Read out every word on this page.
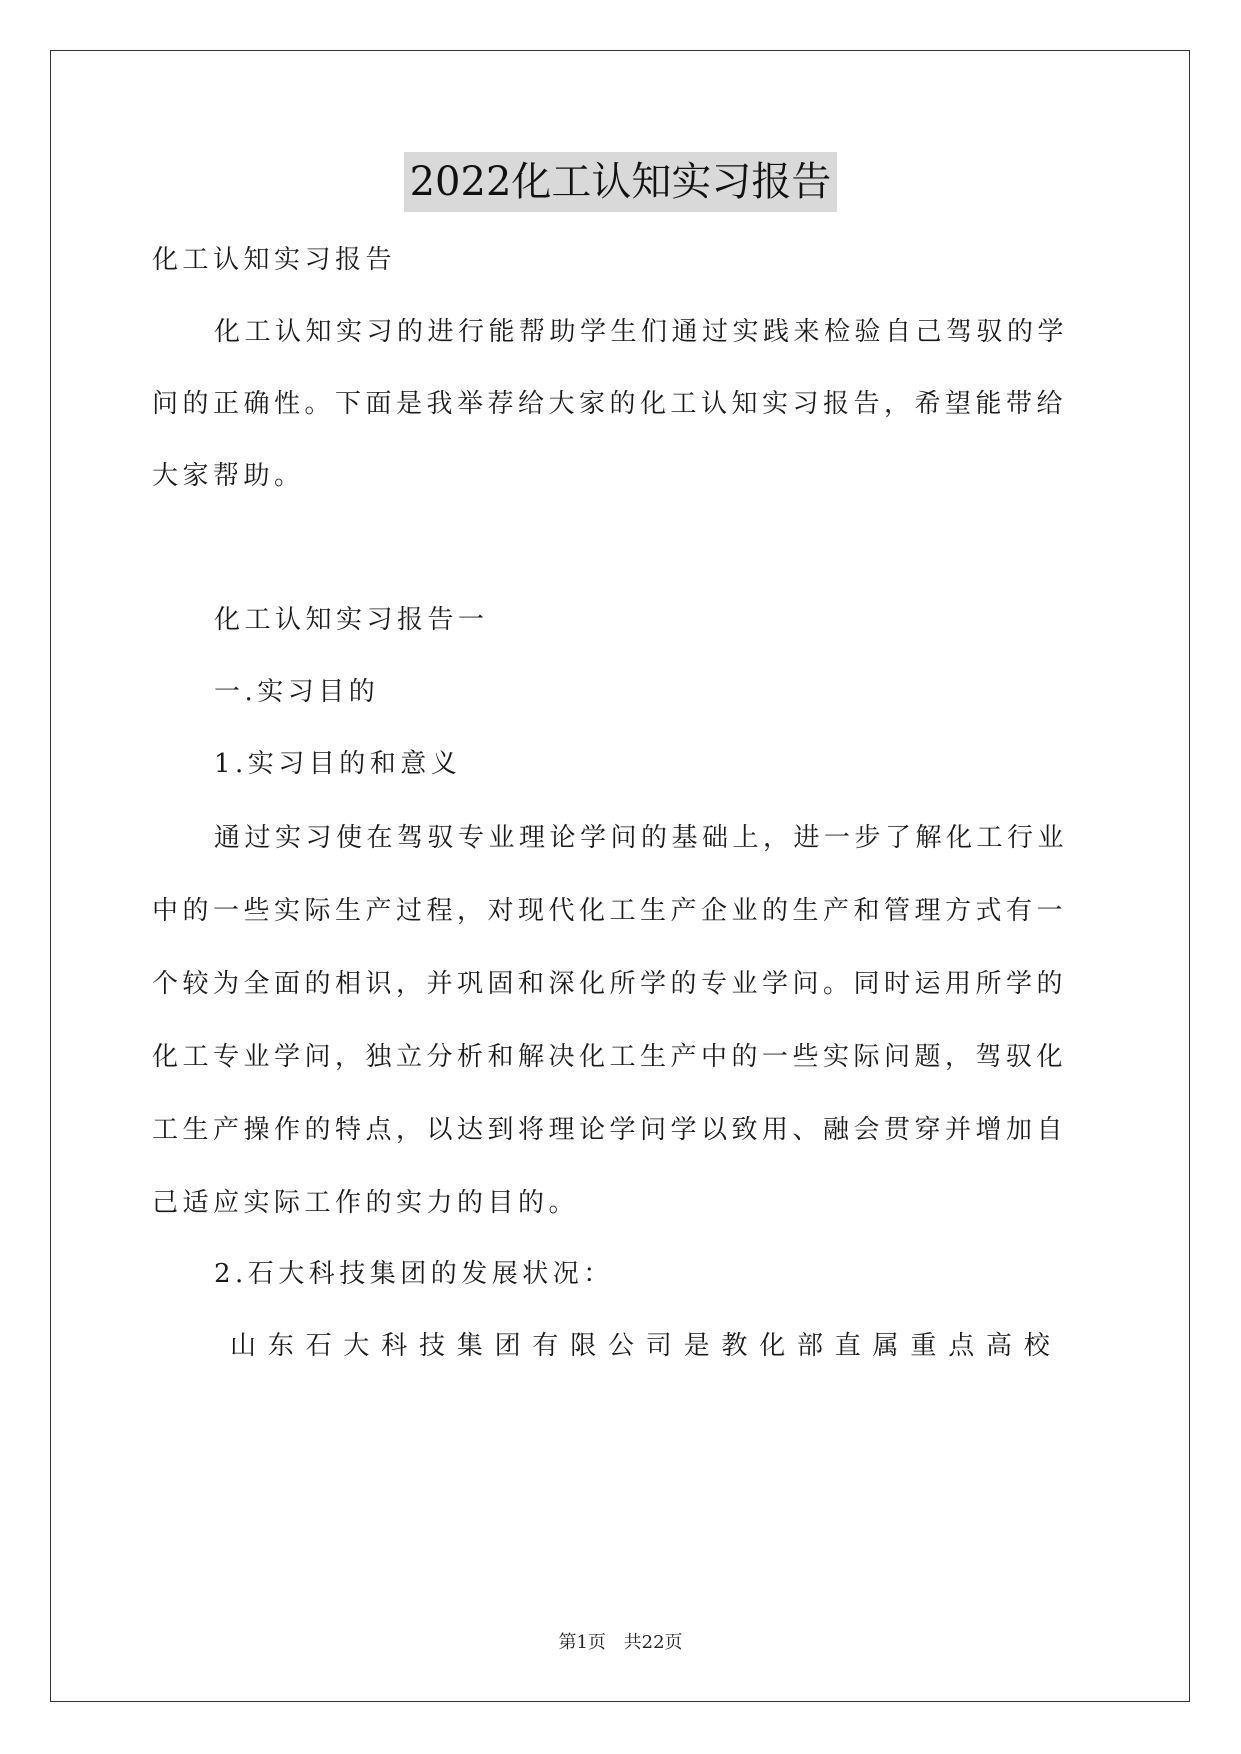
2022化工认知实习报告
化工认知实习报告
化工认知实习的进行能帮助学生们通过实践来检验自己驾驭的学
问的正确性。下面是我举荐给大家的化工认知实习报告，希望能带给
大家帮助。
化工认知实习报告一
一.实习目的
1.实习目的和意义
通过实习使在驾驭专业理论学问的基础上，进一步了解化工行业
中的一些实际生产过程，对现代化工生产企业的生产和管理方式有一
个较为全面的相识，并巩固和深化所学的专业学问。同时运用所学的
化工专业学问，独立分析和解决化工生产中的一些实际问题，驾驭化
工生产操作的特点，以达到将理论学问学以致用、融会贯穿并增加自
己适应实际工作的实力的目的。
2.石大科技集团的发展状况：
山东石大科技集团有限公司是教化部直属重点高校
第1页 共22页
